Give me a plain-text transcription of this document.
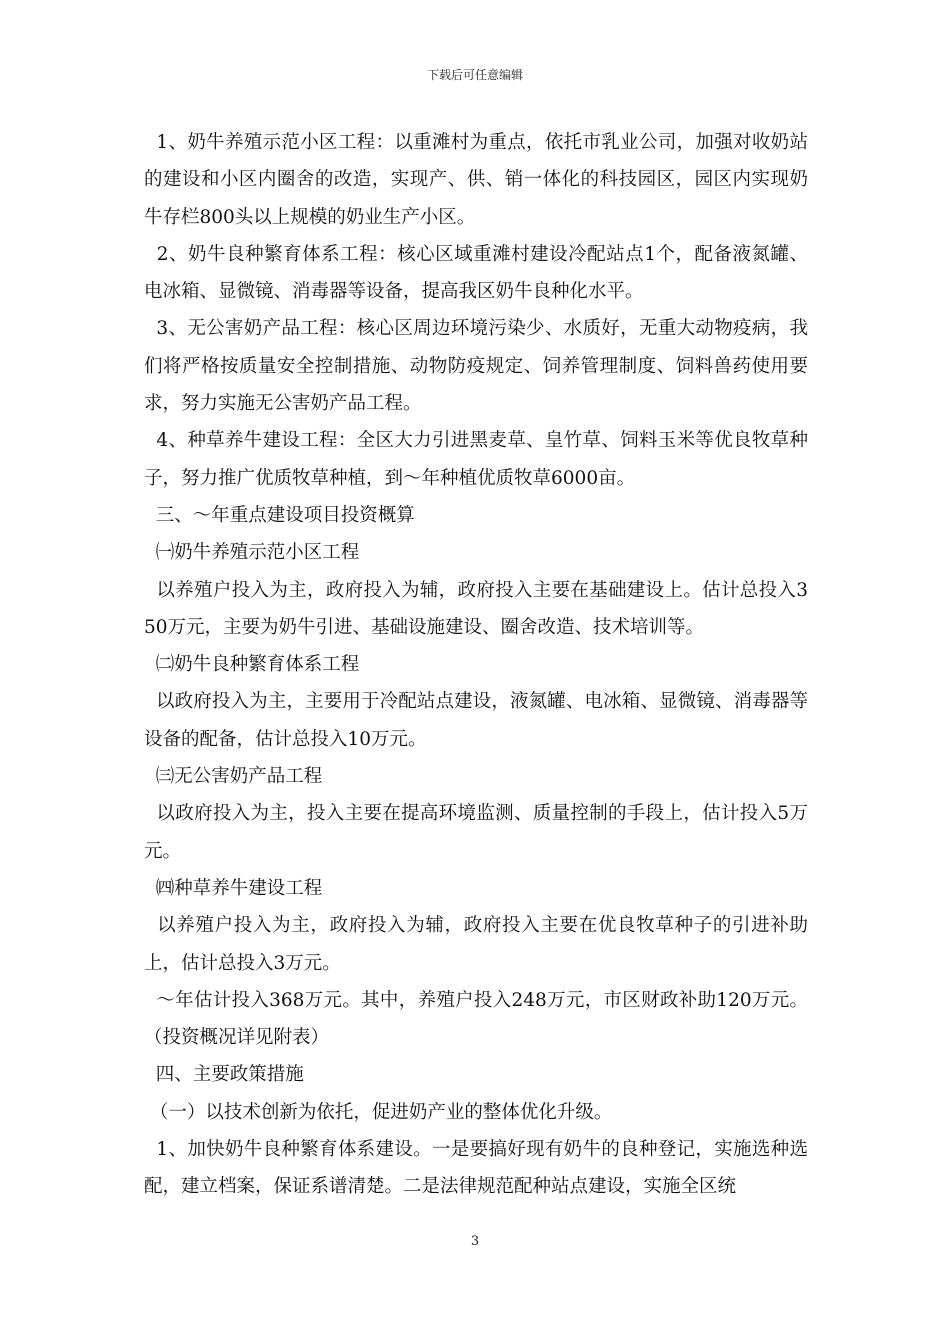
下载后可任意编辑

1、奶牛养殖示范小区工程：以重滩村为重点，依托市乳业公司，加强对收奶站的建设和小区内圈舍的改造，实现产、供、销一体化的科技园区，园区内实现奶牛存栏800头以上规模的奶业生产小区。

2、奶牛良种繁育体系工程：核心区域重滩村建设冷配站点1个，配备液氮罐、电冰箱、显微镜、消毒器等设备，提高我区奶牛良种化水平。

3、无公害奶产品工程：核心区周边环境污染少、水质好，无重大动物疫病，我们将严格按质量安全控制措施、动物防疫规定、饲养管理制度、饲料兽药使用要求，努力实施无公害奶产品工程。

4、种草养牛建设工程：全区大力引进黑麦草、皇竹草、饲料玉米等优良牧草种子，努力推广优质牧草种植，到～年种植优质牧草6000亩。

三、～年重点建设项目投资概算

㈠奶牛养殖示范小区工程

以养殖户投入为主，政府投入为辅，政府投入主要在基础建设上。估计总投入350万元，主要为奶牛引进、基础设施建设、圈舍改造、技术培训等。

㈡奶牛良种繁育体系工程

以政府投入为主，主要用于冷配站点建设，液氮罐、电冰箱、显微镜、消毒器等设备的配备，估计总投入10万元。

㈢无公害奶产品工程

以政府投入为主，投入主要在提高环境监测、质量控制的手段上，估计投入5万元。

㈣种草养牛建设工程

以养殖户投入为主，政府投入为辅，政府投入主要在优良牧草种子的引进补助上，估计总投入3万元。

～年估计投入368万元。其中，养殖户投入248万元，市区财政补助120万元。（投资概况详见附表）

四、主要政策措施

（一）以技术创新为依托，促进奶产业的整体优化升级。

1、加快奶牛良种繁育体系建设。一是要搞好现有奶牛的良种登记，实施选种选配，建立档案，保证系谱清楚。二是法律规范配种站点建设，实施全区统

3
